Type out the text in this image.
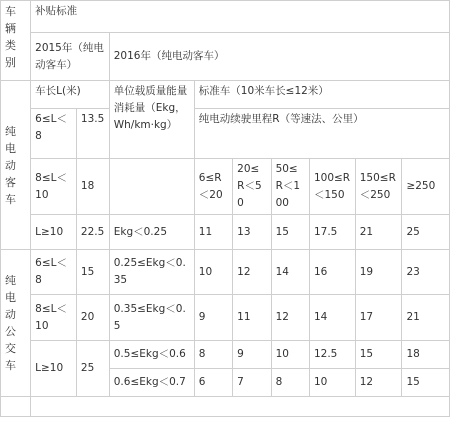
车辆类别	补贴标准								
	2015年（纯电动客车）		2016年（纯电动客车）						
纯电动客车	车长L(米)		单位载质量能量消耗量（Ekg，Wh/km·kg）	标准车（10米车长≤12米）					
	6≤L＜8	13.5		纯电动续驶里程R（等速法、公里）					

	8≤L＜10	18		6≤R＜20	20≤R＜50	50≤R＜100	100≤R＜150	150≤R＜250	≥250
	L≥10	22.5	Ekg＜0.25	11	13	15	17.5	21	25
纯电动公交车	6≤L＜8	15	0.25≤Ekg＜0.35	10	12	14	16	19	23
	8≤L＜10	20	0.35≤Ekg＜0.5	9	11	12	14	17	21
	L≥10	25	0.5≤Ekg＜0.6	8	9	10	12.5	15	18
			0.6≤Ekg＜0.7	6	7	8	10	12	15
